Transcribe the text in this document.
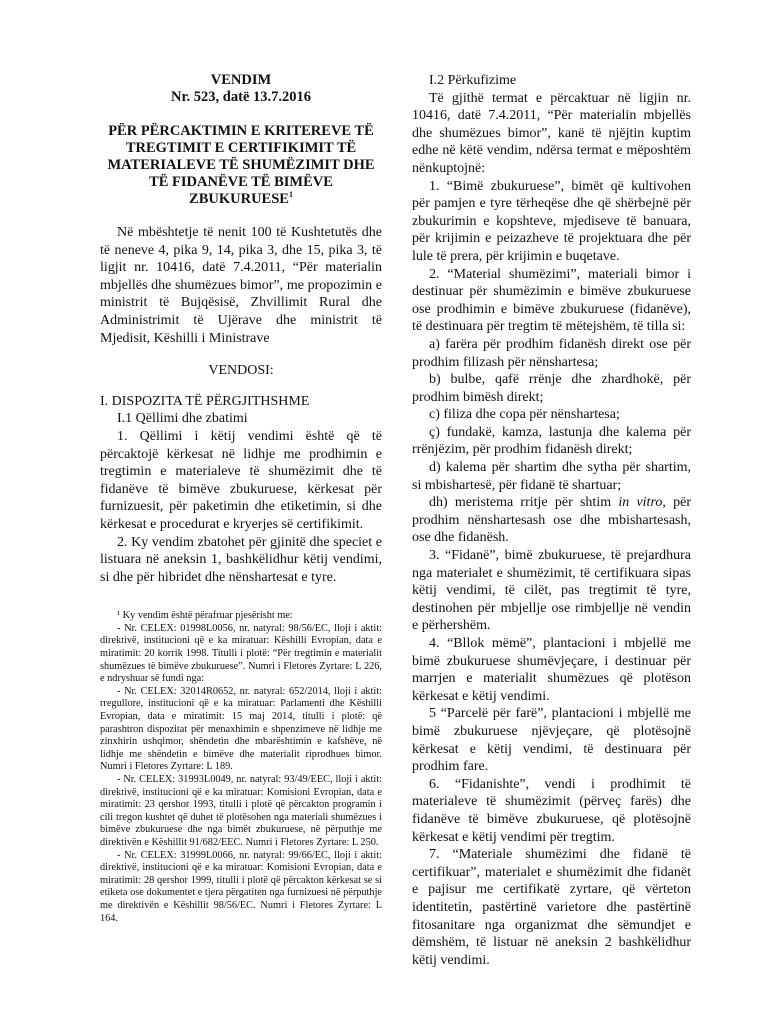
VENDIM

Nr. 523, datë 13.7.2016

PËR PËRCAKTIMIN E KRITEREVE TË TREGTIMIT E CERTIFIKIMIT TË MATERIALEVE TË SHUMËZIMIT DHE TË FIDANËVE TË BIMËVE ZBUKURUESE$^1$

Në mbështetje të nenit 100 të Kushtetutës dhe të neneve 4, pika 9, 14, pika 3, dhe 15, pika 3, të ligjit nr. 10416, datë 7.4.2011, “Për materialin mbjellës dhe shumëzues bimor”, me propozimin e ministrit të Bujqësisë, Zhvillimit Rural dhe Administrimit të Ujërave dhe ministrit të Mjedisit, Këshilli i Ministrave

VENDOSI:

I. DISPOZITA TË PËRGJITHSHME

I.1 Qëllimi dhe zbatimi

1. Qëllimi i këtij vendimi është që të përcaktojë kërkesat në lidhje me prodhimin e tregtimin e materialeve të shumëzimit dhe të fidanëve të bimëve zbukuruese, kërkesat për furnizuesit, për paketimin dhe etiketimin, si dhe kërkesat e procedurat e kryerjes së certifikimit.

2. Ky vendim zbatohet për gjinitë dhe speciet e listuara në aneksin 1, bashkëlidhur këtij vendimi, si dhe për hibridet dhe nënshartesat e tyre.

¹ Ky vendim është përafruar pjesërisht me:

- Nr. CELEX: 01998L0056, nr. natyral: 98/56/EC, lloji i aktit: direktivë, institucioni që e ka miratuar: Këshilli Evropian, data e miratimit: 20 korrik 1998. Titulli i plotë: “Për tregtimin e materialit shumëzues të bimëve zbukuruese”. Numri i Fletores Zyrtare: L 226, e ndryshuar së fundi nga:

- Nr. CELEX: 32014R0652, nr. natyral: 652/2014, lloji i aktit: rregullore, institucioni që e ka miratuar: Parlamenti dhe Këshilli Evropian, data e miratimit: 15 maj 2014, titulli i plotë: që parashtron dispozitat për menaxhimin e shpenzimeve në lidhje me zinxhirin ushqimor, shëndetin dhe mbarështimin e kafshëve, në lidhje me shëndetin e bimëve dhe materialit riprodhues bimor. Numri i Fletores Zyrtare: L 189.

- Nr. CELEX: 31993L0049, nr. natyral: 93/49/EEC, lloji i aktit: direktivë, institucioni që e ka miratuar: Komisioni Evropian, data e miratimit: 23 qershor 1993, titulli i plotë që përcakton programin i cili tregon kushtet që duhet të plotësohen nga materiali shumëzues i bimëve zbukuruese dhe nga bimët zbukuruese, në përputhje me direktivën e Këshillit 91/682/EEC. Numri i Fletores Zyrtare: L 250.

- Nr. CELEX: 31999L0066, nr. natyral: 99/66/EC, lloji i aktit: direktivë, institucioni që e ka miratuar: Komisioni Evropian, data e miratimit: 28 qershor 1999, titulli i plotë që përcakton kërkesat se si etiketa ose dokumentet e tjera përgatiten nga furnizuesi në përputhje me direktivën e Këshillit 98/56/EC. Numri i Fletores Zyrtare: L 164.

I.2 Përkufizime

Të gjithë termat e përcaktuar në ligjin nr. 10416, datë 7.4.2011, “Për materialin mbjellës dhe shumëzues bimor”, kanë të njëjtin kuptim edhe në këtë vendim, ndërsa termat e mëposhtëm nënkuptojnë:

1. “Bimë zbukuruese”, bimët që kultivohen për pamjen e tyre tërheqëse dhe që shërbejnë për zbukurimin e kopshteve, mjediseve të banuara, për krijimin e peizazheve të projektuara dhe për lule të prera, për krijimin e buqetave.

2. “Material shumëzimi”, materiali bimor i destinuar për shumëzimin e bimëve zbukuruese ose prodhimin e bimëve zbukuruese (fidanëve), të destinuara për tregtim të mëtejshëm, të tilla si:

a) farëra për prodhim fidanësh direkt ose për prodhim filizash për nënshartesa;

b) bulbe, qafë rrënje dhe zhardhokë, për prodhim bimësh direkt;

c) filiza dhe copa për nënshartesa;

ç) fundakë, kamza, lastunja dhe kalema për rrënjëzim, për prodhim fidanësh direkt;

d) kalema për shartim dhe sytha për shartim, si mbishartesë, për fidanë të shartuar;

dh) meristema rritje për shtim in vitro, për prodhim nënshartesash ose dhe mbishartesash, ose dhe fidanësh.

3. “Fidanë”, bimë zbukuruese, të prejardhura nga materialet e shumëzimit, të certifikuara sipas këtij vendimi, të cilët, pas tregtimit të tyre, destinohen për mbjellje ose rimbjellje në vendin e përhershëm.

4. “Bllok mëmë”, plantacioni i mbjellë me bimë zbukuruese shumëvjeçare, i destinuar për marrjen e materialit shumëzues që plotëson kërkesat e këtij vendimi.

5 “Parcelë për farë”, plantacioni i mbjellë me bimë zbukuruese njëvjeçare, që plotësojnë kërkesat e këtij vendimi, të destinuara për prodhim fare.

6. “Fidanishte”, vendi i prodhimit të materialeve të shumëzimit (përveç farës) dhe fidanëve të bimëve zbukuruese, që plotësojnë kërkesat e këtij vendimi për tregtim.

7. “Materiale shumëzimi dhe fidanë të certifikuar”, materialet e shumëzimit dhe fidanët e pajisur me certifikatë zyrtare, që vërteton identitetin, pastërtinë varietore dhe pastërtinë fitosanitare nga organizmat dhe sëmundjet e dëmshëm, të listuar në aneksin 2 bashkëlidhur këtij vendimi.
